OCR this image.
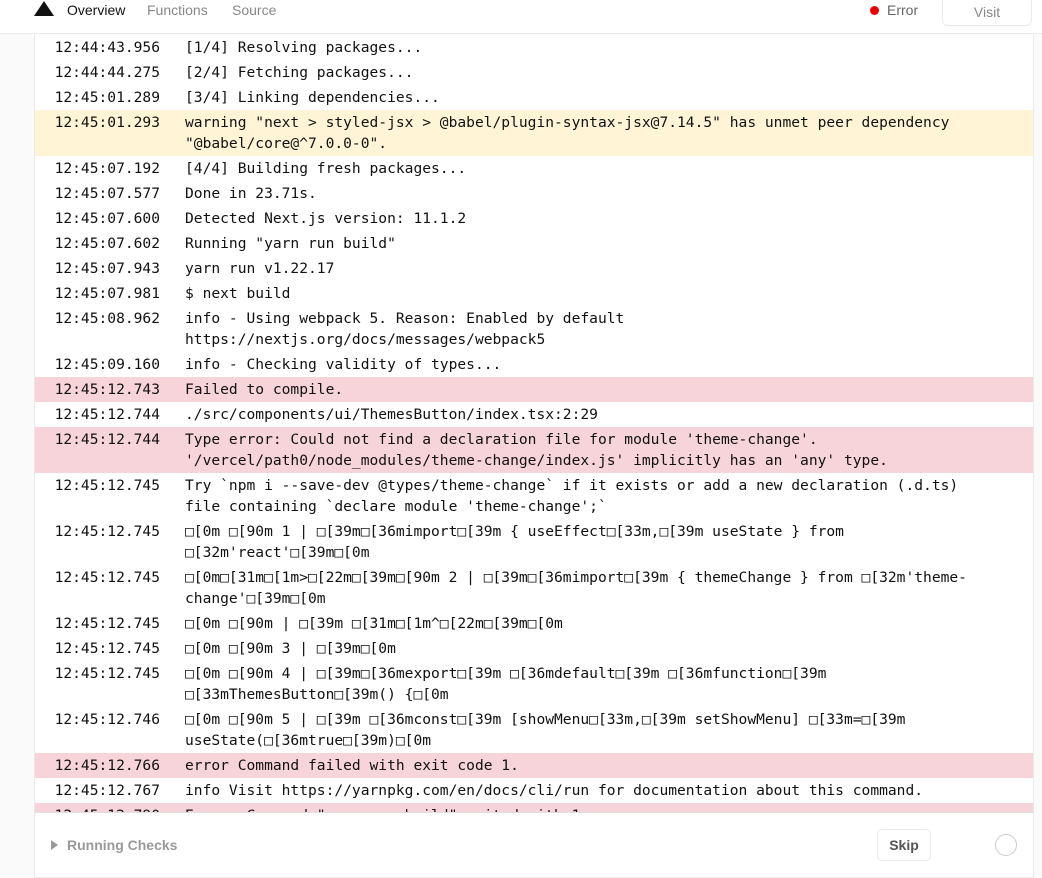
Overview Functions Source	Error	Visit
12:44:43.956	[1/4] Resolving packages...
12:44:44.275	[2/4] Fetching packages...
12:45:01.289	[3/4] Linking dependencies...
12:45:01.293	warning "next > styled-jsx > @babel/plugin-syntax-jsx@7.14.5" has unmet peer dependency "@babel/core@^7.0.0-0".
12:45:07.192	[4/4] Building fresh packages...
12:45:07.577	Done in 23.71s.
12:45:07.600	Detected Next.js version: 11.1.2
12:45:07.602	Running "yarn run build"
12:45:07.943	yarn run v1.22.17
12:45:07.981	$ next build
12:45:08.962	info - Using webpack 5. Reason: Enabled by default https://nextjs.org/docs/messages/webpack5
12:45:09.160	info - Checking validity of types...
12:45:12.743	Failed to compile.
12:45:12.744	./src/components/ui/ThemesButton/index.tsx:2:29
12:45:12.744	Type error: Could not find a declaration file for module 'theme-change'. '/vercel/path0/node_modules/theme-change/index.js' implicitly has an 'any' type.
12:45:12.745	Try `npm i --save-dev @types/theme-change` if it exists or add a new declaration (.d.ts) file containing `declare module 'theme-change';`
12:45:12.745	□[0m □[90m 1 | □[39m□[36mimport□[39m { useEffect□[33m,□[39m useState } from □[32m'react'□[39m□[0m
12:45:12.745	□[0m□[31m□[1m>□[22m□[39m□[90m 2 | □[39m□[36mimport□[39m { themeChange } from □[32m'theme-change'□[39m□[0m
12:45:12.745	□[0m □[90m | □[39m □[31m□[1m^□[22m□[39m□[0m
12:45:12.745	□[0m □[90m 3 | □[39m□[0m
12:45:12.745	□[0m □[90m 4 | □[39m□[36mexport□[39m □[36mdefault□[39m □[36mfunction□[39m □[33mThemesButton□[39m() {□[0m
12:45:12.746	□[0m □[90m 5 | □[39m □[36mconst□[39m [showMenu□[33m,□[39m setShowMenu] □[33m=□[39m useState(□[36mtrue□[39m)□[0m
12:45:12.766	error Command failed with exit code 1.
12:45:12.767	info Visit https://yarnpkg.com/en/docs/cli/run for documentation about this command.
Running Checks	Skip
